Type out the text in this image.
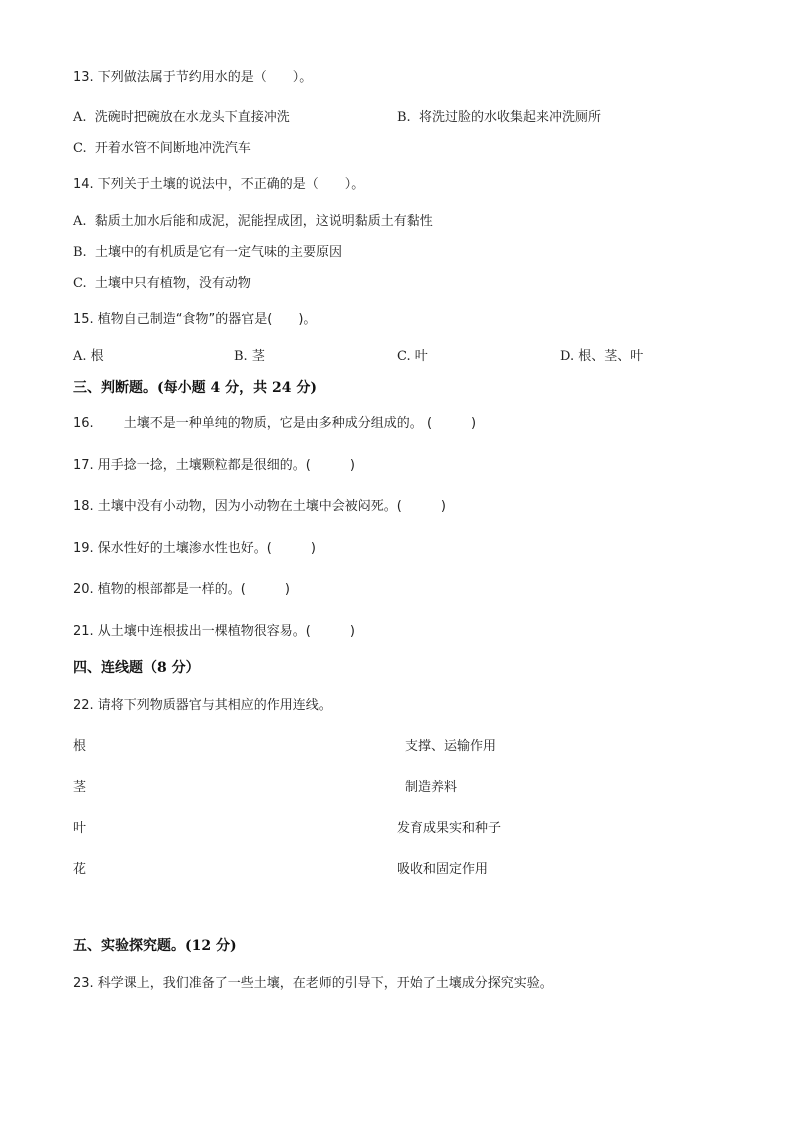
13. 下列做法属于节约用水的是（　　）。
A.  洗碗时把碗放在水龙头下直接冲洗	B.  将洗过脸的水收集起来冲洗厕所
C.  开着水管不间断地冲洗汽车
14. 下列关于土壤的说法中，不正确的是（　　）。
A.  黏质土加水后能和成泥，泥能捏成团，这说明黏质土有黏性
B.  土壤中的有机质是它有一定气味的主要原因
C.  土壤中只有植物，没有动物
15. 植物自己制造“食物”的器官是(　　)。
A. 根	B. 茎	C. 叶	D. 根、茎、叶
三、判断题。(每小题 4 分，共 24 分)
16.　　 土壤不是一种单纯的物质，它是由多种成分组成的。 (　　　)
17. 用手捻一捻，土壤颗粒都是很细的。(　　　)
18. 土壤中没有小动物，因为小动物在土壤中会被闷死。(　　　)
19. 保水性好的土壤渗水性也好。(　　　)
20. 植物的根部都是一样的。(　　　)
21. 从土壤中连根拔出一棵植物很容易。(　　　)
四、连线题（8 分）
22. 请将下列物质器官与其相应的作用连线。
根	支撑、运输作用
茎	制造养料
叶	发育成果实和种子
花	吸收和固定作用
五、实验探究题。(12 分)
23. 科学课上，我们准备了一些土壤，在老师的引导下，开始了土壤成分探究实验。
